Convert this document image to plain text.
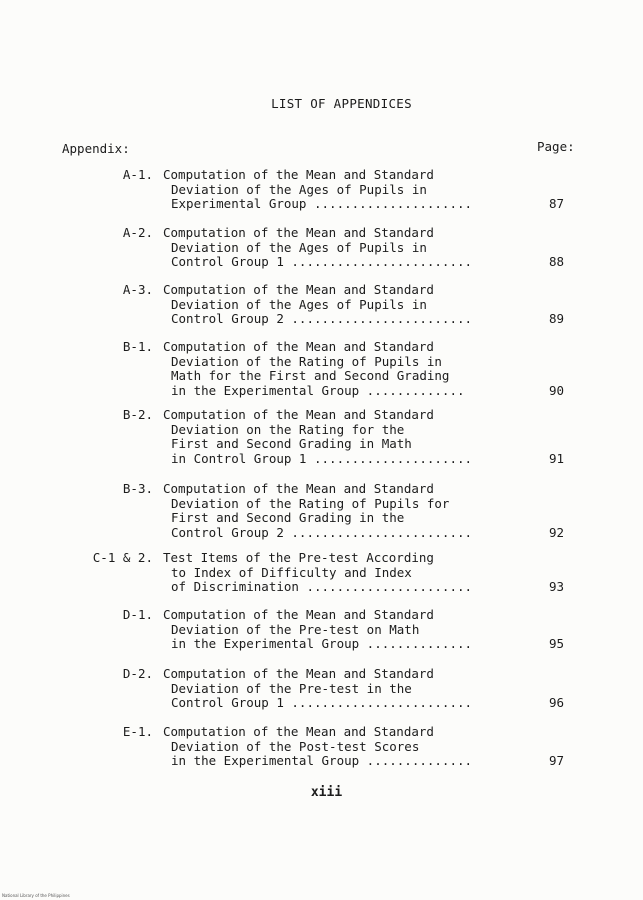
LIST OF APPENDICES
Appendix:	Page:
A-1. Computation of the Mean and Standard
Deviation of the Ages of Pupils in
Experimental Group .....................	87
A-2. Computation of the Mean and Standard
Deviation of the Ages of Pupils in
Control Group 1 ........................	88
A-3. Computation of the Mean and Standard
Deviation of the Ages of Pupils in
Control Group 2 ........................	89
B-1. Computation of the Mean and Standard
Deviation of the Rating of Pupils in
Math for the First and Second Grading
in the Experimental Group .............	90
B-2. Computation of the Mean and Standard
Deviation on the Rating for the
First and Second Grading in Math
in Control Group 1 .....................	91
B-3. Computation of the Mean and Standard
Deviation of the Rating of Pupils for
First and Second Grading in the
Control Group 2 ........................	92
C-1 & 2. Test Items of the Pre-test According
to Index of Difficulty and Index
of Discrimination ......................	93
D-1. Computation of the Mean and Standard
Deviation of the Pre-test on Math
in the Experimental Group ..............	95
D-2. Computation of the Mean and Standard
Deviation of the Pre-test in the
Control Group 1 ........................	96
E-1. Computation of the Mean and Standard
Deviation of the Post-test Scores
in the Experimental Group ..............	97
xiii
National Library of the Philippines
